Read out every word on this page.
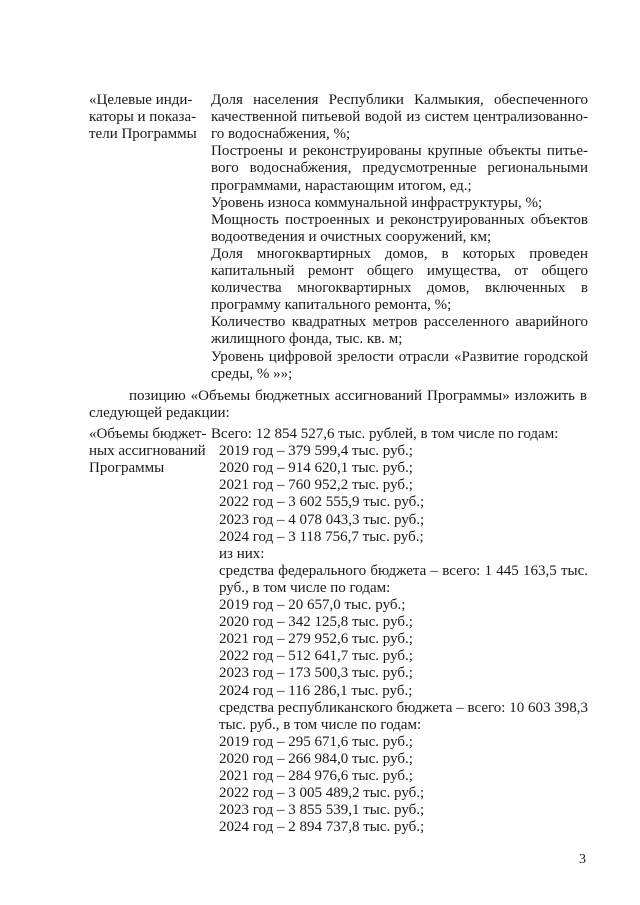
«Целевые инди-
каторы и показа-
тели Программы
Доля населения Республики Калмыкия, обеспеченного
качественной питьевой водой из систем централизованно-
го водоснабжения, %;
Построены и реконструированы крупные объекты питье-
вого водоснабжения, предусмотренные региональными
программами, нарастающим итогом, ед.;
Уровень износа коммунальной инфраструктуры, %;
Мощность построенных и реконструированных объектов
водоотведения и очистных сооружений, км;
Доля многоквартирных домов, в которых проведен
капитальный ремонт общего имущества, от общего
количества многоквартирных домов, включенных в
программу капитального ремонта, %;
Количество квадратных метров расселенного аварийного
жилищного фонда, тыс. кв. м;
Уровень цифровой зрелости отрасли «Развитие городской
среды, % »»;
позицию «Объемы бюджетных ассигнований Программы» изложить в
следующей редакции:
«Объемы бюджет-
ных ассигнований
Программы
Всего: 12 854 527,6 тыс. рублей, в том числе по годам:
2019 год – 379 599,4 тыс. руб.;
2020 год – 914 620,1 тыс. руб.;
2021 год – 760 952,2 тыс. руб.;
2022 год – 3 602 555,9 тыс. руб.;
2023 год – 4 078 043,3 тыс. руб.;
2024 год – 3 118 756,7 тыс. руб.;
из них:
средства федерального бюджета – всего: 1 445 163,5 тыс.
руб., в том числе по годам:
2019 год – 20 657,0 тыс. руб.;
2020 год – 342 125,8 тыс. руб.;
2021 год – 279 952,6 тыс. руб.;
2022 год – 512 641,7 тыс. руб.;
2023 год – 173 500,3 тыс. руб.;
2024 год – 116 286,1 тыс. руб.;
средства республиканского бюджета – всего: 10 603 398,3
тыс. руб., в том числе по годам:
2019 год – 295 671,6 тыс. руб.;
2020 год – 266 984,0 тыс. руб.;
2021 год – 284 976,6 тыс. руб.;
2022 год – 3 005 489,2 тыс. руб.;
2023 год – 3 855 539,1 тыс. руб.;
2024 год – 2 894 737,8 тыс. руб.;
3
